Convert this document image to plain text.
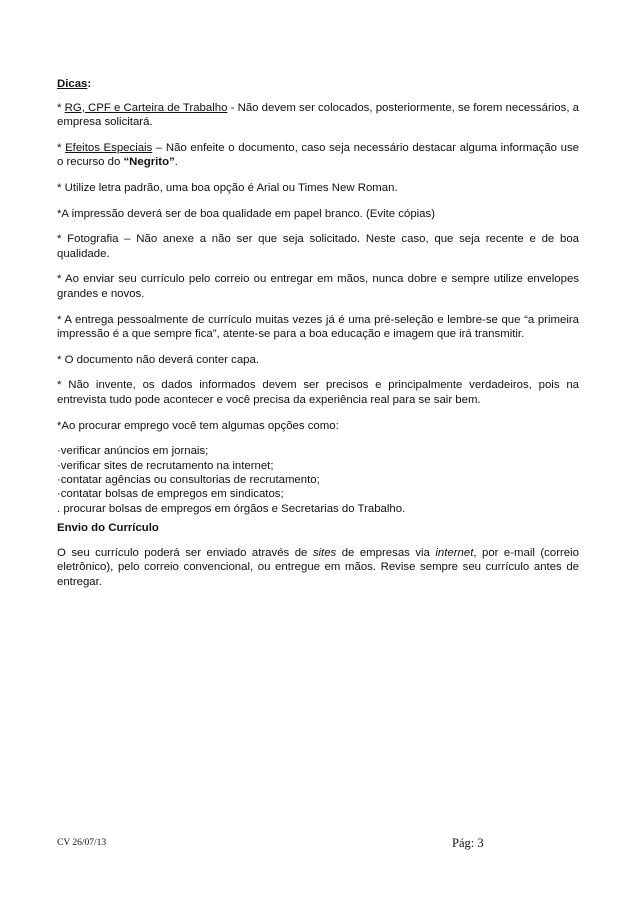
Dicas:

* RG, CPF e Carteira de Trabalho - Não devem ser colocados, posteriormente, se forem necessários, a empresa solicitará.

* Efeitos Especiais – Não enfeite o documento, caso seja necessário destacar alguma informação use o recurso do “Negrito”.

* Utilize letra padrão, uma boa opção é Arial ou Times New Roman.

*A impressão deverá ser de boa qualidade em papel branco. (Evite cópias)

* Fotografia – Não anexe a não ser que seja solicitado. Neste caso, que seja recente e de boa qualidade.

* Ao enviar seu currículo pelo correio ou entregar em mãos, nunca dobre e sempre utilize envelopes grandes e novos.

* A entrega pessoalmente de currículo muitas vezes já é uma pré-seleção e lembre-se que “a primeira impressão é a que sempre fica”, atente-se para a boa educação e imagem que irá transmitir.

* O documento não deverá conter capa.

* Não invente, os dados informados devem ser precisos e principalmente verdadeiros, pois na entrevista tudo pode acontecer e você precisa da experiência real para se sair bem.

*Ao procurar emprego você tem algumas opções como:

·verificar anúncios em jornais;
·verificar sites de recrutamento na internet;
·contatar agências ou consultorias de recrutamento;
·contatar bolsas de empregos em sindicatos;
. procurar bolsas de empregos em órgãos e Secretarias do Trabalho.
Envio do Currículo

O seu currículo poderá ser enviado através de sites de empresas via internet, por e-mail (correio eletrônico), pelo correio convencional, ou entregue em mãos. Revise sempre seu currículo antes de entregar.

CV 26/07/13	Pág: 3
